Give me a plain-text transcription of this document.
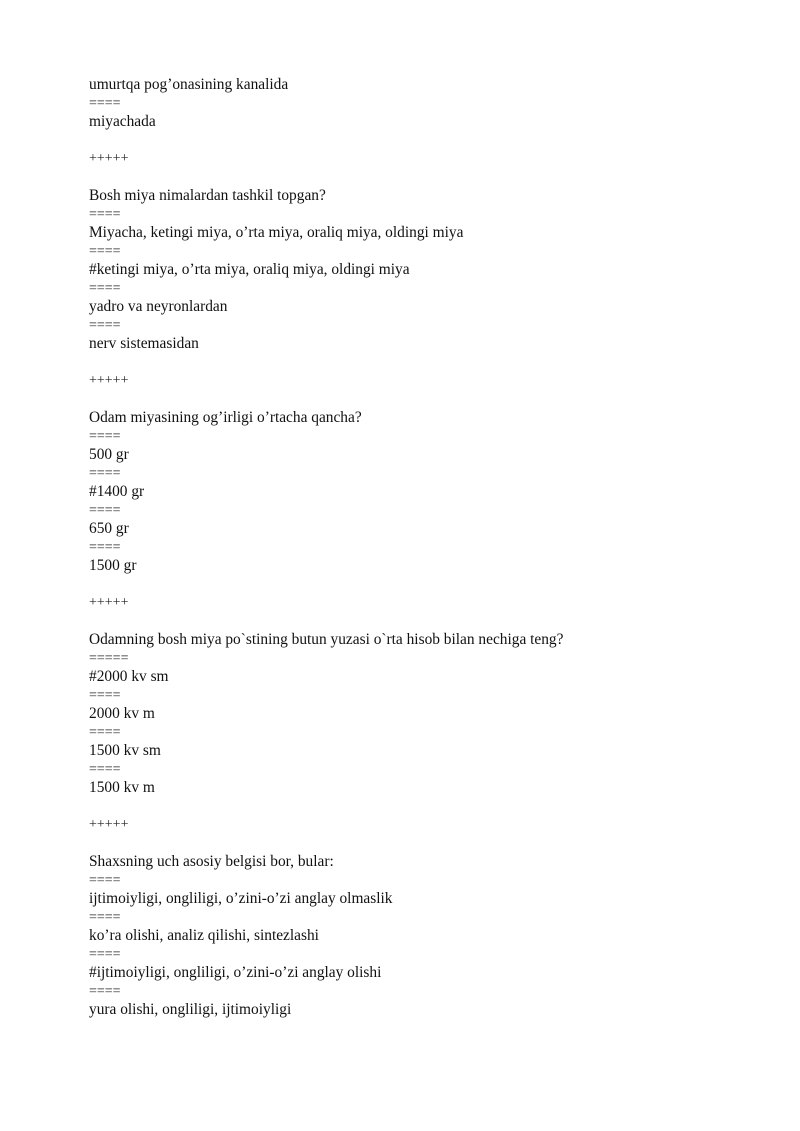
umurtqa pog’onasining kanalida
====
miyachada
+++++
Bosh miya nimalardan tashkil topgan?
====
Miyacha, ketingi miya, o’rta miya, oraliq miya, oldingi miya
====
#ketingi miya, o’rta miya, oraliq miya, oldingi miya
====
yadro va neyronlardan
====
nerv sistemasidan
+++++
Odam miyasining og’irligi o’rtacha qancha?
====
500 gr
====
#1400 gr
====
650 gr
====
1500 gr
+++++
Odamning bosh miya po`stining butun yuzasi o`rta hisob bilan nechiga teng?
=====
#2000 kv sm
====
2000 kv m
====
1500 kv sm
====
1500 kv m
+++++
Shaxsning uch asosiy belgisi bor, bular:
====
ijtimoiyligi, ongliligi, o’zini-o’zi anglay olmaslik
====
ko’ra olishi, analiz qilishi, sintezlashi
====
#ijtimoiyligi, ongliligi, o’zini-o’zi anglay olishi
====
yura olishi, ongliligi, ijtimoiyligi
